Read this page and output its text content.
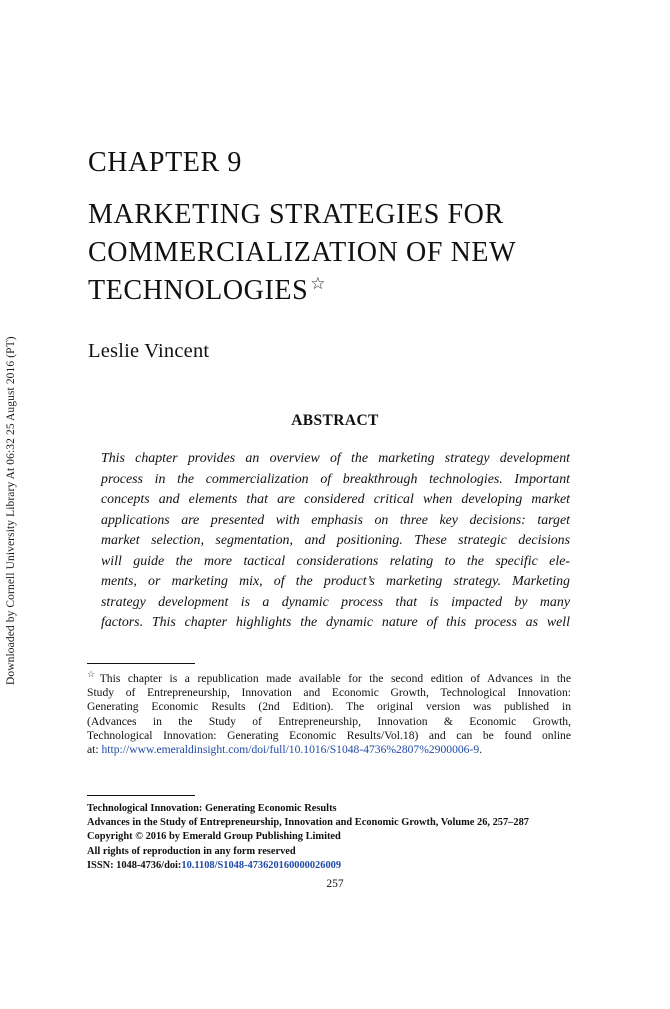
Downloaded by Cornell University Library At 06:32 25 August 2016 (PT)
CHAPTER 9
MARKETING STRATEGIES FOR
COMMERCIALIZATION OF NEW
TECHNOLOGIES ☆
Leslie Vincent
ABSTRACT
This chapter provides an overview of the marketing strategy development
process in the commercialization of breakthrough technologies. Important
concepts and elements that are considered critical when developing market
applications are presented with emphasis on three key decisions: target
market selection, segmentation, and positioning. These strategic decisions
will guide the more tactical considerations relating to the specific ele-
ments, or marketing mix, of the product’s marketing strategy. Marketing
strategy development is a dynamic process that is impacted by many
factors. This chapter highlights the dynamic nature of this process as well
☆This chapter is a republication made available for the second edition of Advances in the
Study of Entrepreneurship, Innovation and Economic Growth, Technological Innovation:
Generating Economic Results (2nd Edition). The original version was published in
(Advances in the Study of Entrepreneurship, Innovation & Economic Growth,
Technological Innovation: Generating Economic Results/Vol.18) and can be found online
at: http://www.emeraldinsight.com/doi/full/10.1016/S1048-4736%2807%2900006-9.
Technological Innovation: Generating Economic Results
Advances in the Study of Entrepreneurship, Innovation and Economic Growth, Volume 26, 257–287
Copyright © 2016 by Emerald Group Publishing Limited
All rights of reproduction in any form reserved
ISSN: 1048-4736/doi:10.1108/S1048-473620160000026009
257
